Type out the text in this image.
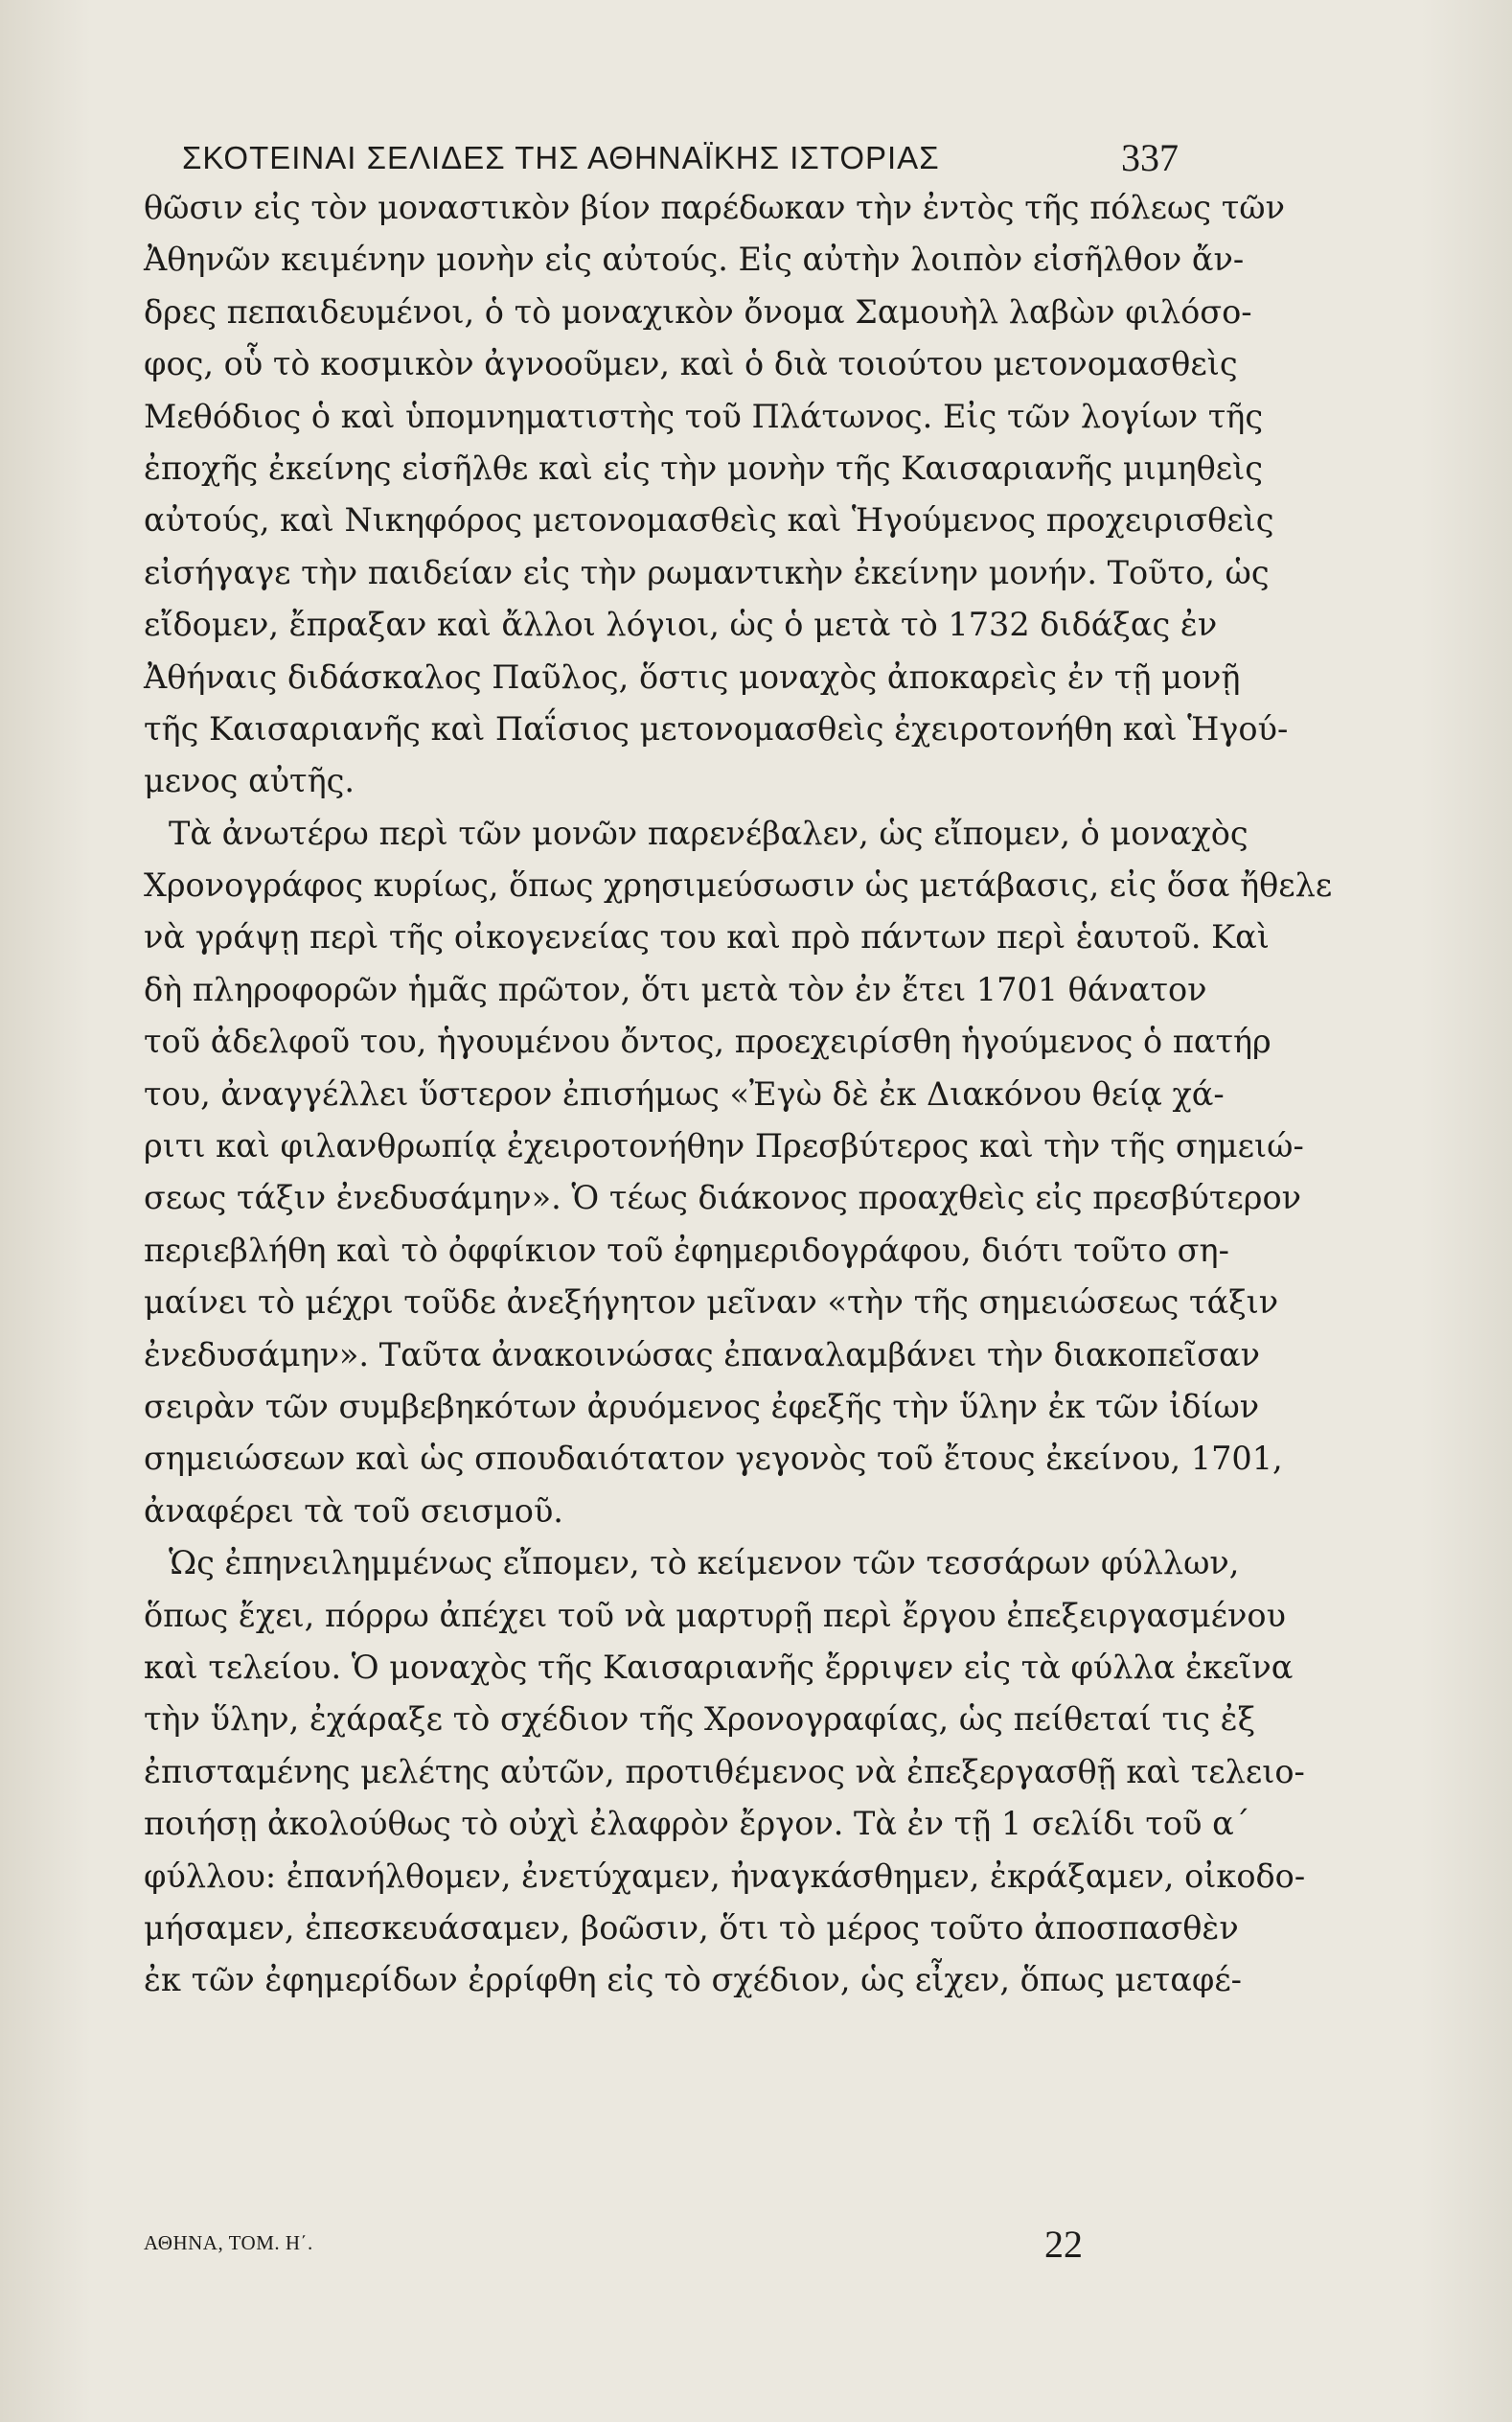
ΣΚΟΤΕΙΝΑΙ ΣΕΛΙΔΕΣ ΤΗΣ ΑΘΗΝΑΪΚΗΣ ΙΣΤΟΡΙΑΣ	337
θῶσιν εἰς τὸν μοναστικὸν βίον παρέδωκαν τὴν ἐντὸς τῆς πόλεως τῶν
Ἀθηνῶν κειμένην μονὴν εἰς αὐτούς. Εἰς αὐτὴν λοιπὸν εἰσῆλθον ἄν-
δρες πεπαιδευμένοι, ὁ τὸ μοναχικὸν ὄνομα Σαμουὴλ λαβὼν φιλόσο-
φος, οὗ τὸ κοσμικὸν ἀγνοοῦμεν, καὶ ὁ διὰ τοιούτου μετονομασθεὶς
Μεθόδιος ὁ καὶ ὑπομνηματιστὴς τοῦ Πλάτωνος. Εἰς τῶν λογίων τῆς
ἐποχῆς ἐκείνης εἰσῆλθε καὶ εἰς τὴν μονὴν τῆς Καισαριανῆς μιμηθεὶς
αὐτούς, καὶ Νικηφόρος μετονομασθεὶς καὶ Ἡγούμενος προχειρισθεὶς
εἰσήγαγε τὴν παιδείαν εἰς τὴν ρωμαντικὴν ἐκείνην μονήν. Τοῦτο, ὡς
εἴδομεν, ἔπραξαν καὶ ἄλλοι λόγιοι, ὡς ὁ μετὰ τὸ 1732 διδάξας ἐν
Ἀθήναις διδάσκαλος Παῦλος, ὅστις μοναχὸς ἀποκαρεὶς ἐν τῇ μονῇ
τῆς Καισαριανῆς καὶ Παΐσιος μετονομασθεὶς ἐχειροτονήθη καὶ Ἡγού-
μενος αὐτῆς.
Τὰ ἀνωτέρω περὶ τῶν μονῶν παρενέβαλεν, ὡς εἴπομεν, ὁ μοναχὸς
Χρονογράφος κυρίως, ὅπως χρησιμεύσωσιν ὡς μετάβασις, εἰς ὅσα ἤθελε
νὰ γράψῃ περὶ τῆς οἰκογενείας του καὶ πρὸ πάντων περὶ ἑαυτοῦ. Καὶ
δὴ πληροφορῶν ἡμᾶς πρῶτον, ὅτι μετὰ τὸν ἐν ἔτει 1701 θάνατον
τοῦ ἀδελφοῦ του, ἡγουμένου ὄντος, προεχειρίσθη ἡγούμενος ὁ πατήρ
του, ἀναγγέλλει ὕστερον ἐπισήμως «Ἐγὼ δὲ ἐκ Διακόνου θείᾳ χά-
ριτι καὶ φιλανθρωπίᾳ ἐχειροτονήθην Πρεσβύτερος καὶ τὴν τῆς σημειώ-
σεως τάξιν ἐνεδυσάμην». Ὁ τέως διάκονος προαχθεὶς εἰς πρεσβύτερον
περιεβλήθη καὶ τὸ ὀφφίκιον τοῦ ἐφημεριδογράφου, διότι τοῦτο ση-
μαίνει τὸ μέχρι τοῦδε ἀνεξήγητον μεῖναν «τὴν τῆς σημειώσεως τάξιν
ἐνεδυσάμην». Ταῦτα ἀνακοινώσας ἐπαναλαμβάνει τὴν διακοπεῖσαν
σειρὰν τῶν συμβεβηκότων ἀρυόμενος ἐφεξῆς τὴν ὕλην ἐκ τῶν ἰδίων
σημειώσεων καὶ ὡς σπουδαιότατον γεγονὸς τοῦ ἔτους ἐκείνου, 1701,
ἀναφέρει τὰ τοῦ σεισμοῦ.
Ὡς ἐπηνειλημμένως εἴπομεν, τὸ κείμενον τῶν τεσσάρων φύλλων,
ὅπως ἔχει, πόρρω ἀπέχει τοῦ νὰ μαρτυρῇ περὶ ἔργου ἐπεξειργασμένου
καὶ τελείου. Ὁ μοναχὸς τῆς Καισαριανῆς ἔρριψεν εἰς τὰ φύλλα ἐκεῖνα
τὴν ὕλην, ἐχάραξε τὸ σχέδιον τῆς Χρονογραφίας, ὡς πείθεταί τις ἐξ
ἐπισταμένης μελέτης αὐτῶν, προτιθέμενος νὰ ἐπεξεργασθῇ καὶ τελειο-
ποιήσῃ ἀκολούθως τὸ οὐχὶ ἐλαφρὸν ἔργον. Τὰ ἐν τῇ 1 σελίδι τοῦ α´
φύλλου: ἐπανήλθομεν, ἐνετύχαμεν, ἠναγκάσθημεν, ἐκράξαμεν, οἰκοδο-
μήσαμεν, ἐπεσκευάσαμεν, βοῶσιν, ὅτι τὸ μέρος τοῦτο ἀποσπασθὲν
ἐκ τῶν ἐφημερίδων ἐρρίφθη εἰς τὸ σχέδιον, ὡς εἶχεν, ὅπως μεταφέ-
ΑΘΗΝΑ, ΤΟΜ. Η΄.	22
